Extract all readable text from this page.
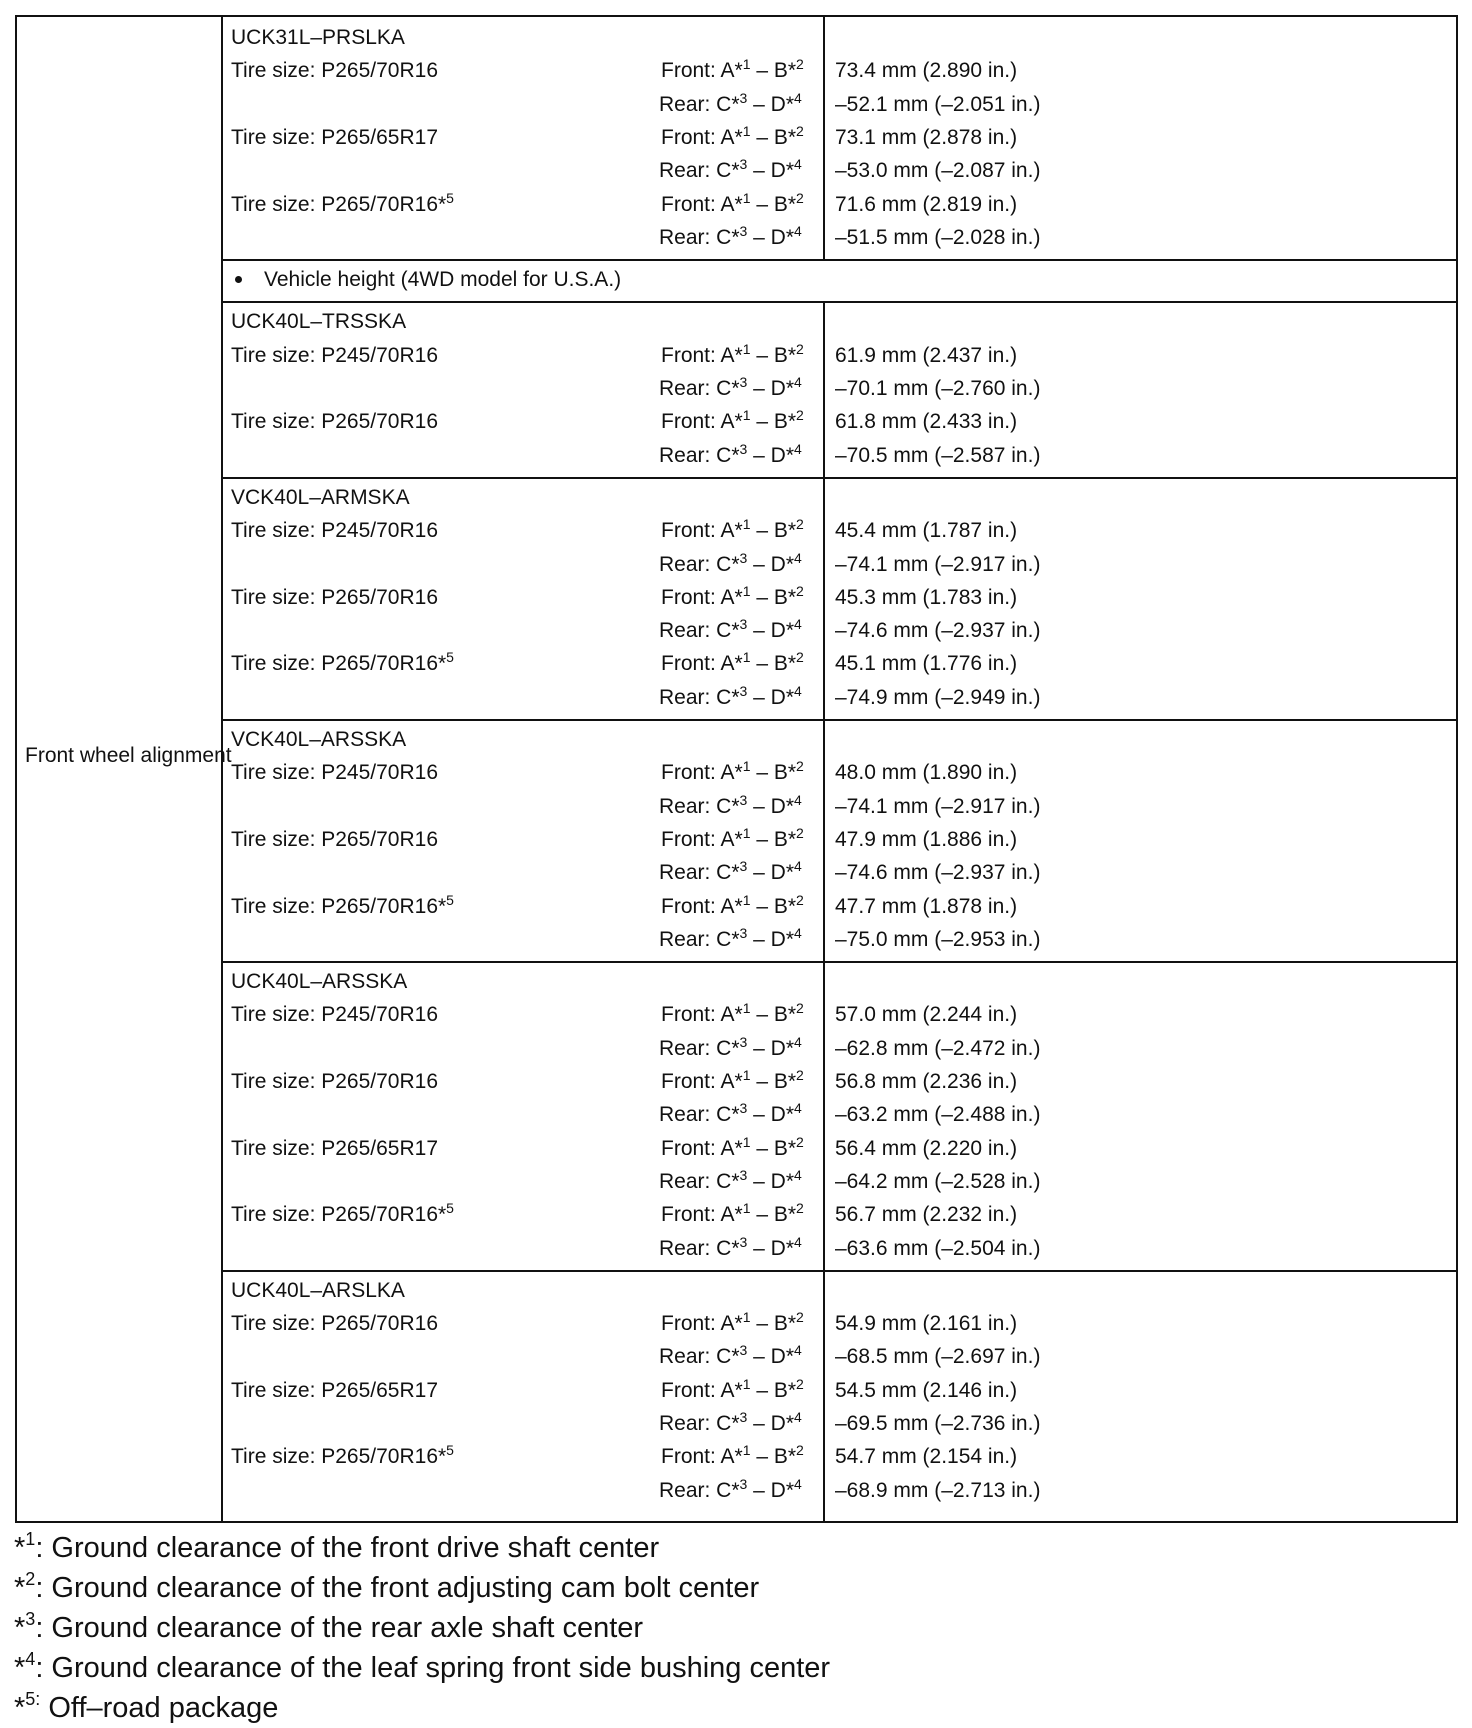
Front wheel alignment
UCK31L–PRSLKA
Tire size: P265/70R16	Front: A*$^1$ – B*$^2$ 73.4 mm (2.890 in.)
Rear: C*$^3$ – D*$^4$ –52.1 mm (–2.051 in.)
Tire size: P265/65R17	Front: A*$^1$ – B*$^2$ 73.1 mm (2.878 in.)
Rear: C*$^3$ – D*$^4$ –53.0 mm (–2.087 in.)
Tire size: P265/70R16*$^5$	Front: A*$^1$ – B*$^2$ 71.6 mm (2.819 in.)
Rear: C*$^3$ – D*$^4$ –51.5 mm (–2.028 in.)
Vehicle height (4WD model for U.S.A.)
UCK40L–TRSSKA
Tire size: P245/70R16	Front: A*$^1$ – B*$^2$ 61.9 mm (2.437 in.)
Rear: C*$^3$ – D*$^4$ –70.1 mm (–2.760 in.)
Tire size: P265/70R16	Front: A*$^1$ – B*$^2$ 61.8 mm (2.433 in.)
Rear: C*$^3$ – D*$^4$ –70.5 mm (–2.587 in.)
VCK40L–ARMSKA
Tire size: P245/70R16	Front: A*$^1$ – B*$^2$ 45.4 mm (1.787 in.)
Rear: C*$^3$ – D*$^4$ –74.1 mm (–2.917 in.)
Tire size: P265/70R16	Front: A*$^1$ – B*$^2$ 45.3 mm (1.783 in.)
Rear: C*$^3$ – D*$^4$ –74.6 mm (–2.937 in.)
Tire size: P265/70R16*$^5$	Front: A*$^1$ – B*$^2$ 45.1 mm (1.776 in.)
Rear: C*$^3$ – D*$^4$ –74.9 mm (–2.949 in.)
VCK40L–ARSSKA
Tire size: P245/70R16	Front: A*$^1$ – B*$^2$ 48.0 mm (1.890 in.)
Rear: C*$^3$ – D*$^4$ –74.1 mm (–2.917 in.)
Tire size: P265/70R16	Front: A*$^1$ – B*$^2$ 47.9 mm (1.886 in.)
Rear: C*$^3$ – D*$^4$ –74.6 mm (–2.937 in.)
Tire size: P265/70R16*$^5$	Front: A*$^1$ – B*$^2$ 47.7 mm (1.878 in.)
Rear: C*$^3$ – D*$^4$ –75.0 mm (–2.953 in.)
UCK40L–ARSSKA
Tire size: P245/70R16	Front: A*$^1$ – B*$^2$ 57.0 mm (2.244 in.)
Rear: C*$^3$ – D*$^4$ –62.8 mm (–2.472 in.)
Tire size: P265/70R16	Front: A*$^1$ – B*$^2$ 56.8 mm (2.236 in.)
Rear: C*$^3$ – D*$^4$ –63.2 mm (–2.488 in.)
Tire size: P265/65R17	Front: A*$^1$ – B*$^2$ 56.4 mm (2.220 in.)
Rear: C*$^3$ – D*$^4$ –64.2 mm (–2.528 in.)
Tire size: P265/70R16*$^5$	Front: A*$^1$ – B*$^2$ 56.7 mm (2.232 in.)
Rear: C*$^3$ – D*$^4$ –63.6 mm (–2.504 in.)
UCK40L–ARSLKA
Tire size: P265/70R16	Front: A*$^1$ – B*$^2$ 54.9 mm (2.161 in.)
Rear: C*$^3$ – D*$^4$ –68.5 mm (–2.697 in.)
Tire size: P265/65R17	Front: A*$^1$ – B*$^2$ 54.5 mm (2.146 in.)
Rear: C*$^3$ – D*$^4$ –69.5 mm (–2.736 in.)
Tire size: P265/70R16*$^5$	Front: A*$^1$ – B*$^2$ 54.7 mm (2.154 in.)
Rear: C*$^3$ – D*$^4$ –68.9 mm (–2.713 in.)
*$^1$: Ground clearance of the front drive shaft center
*$^2$: Ground clearance of the front adjusting cam bolt center
*$^3$: Ground clearance of the rear axle shaft center
*$^4$: Ground clearance of the leaf spring front side bushing center
*$^{5:}$ Off–road package
